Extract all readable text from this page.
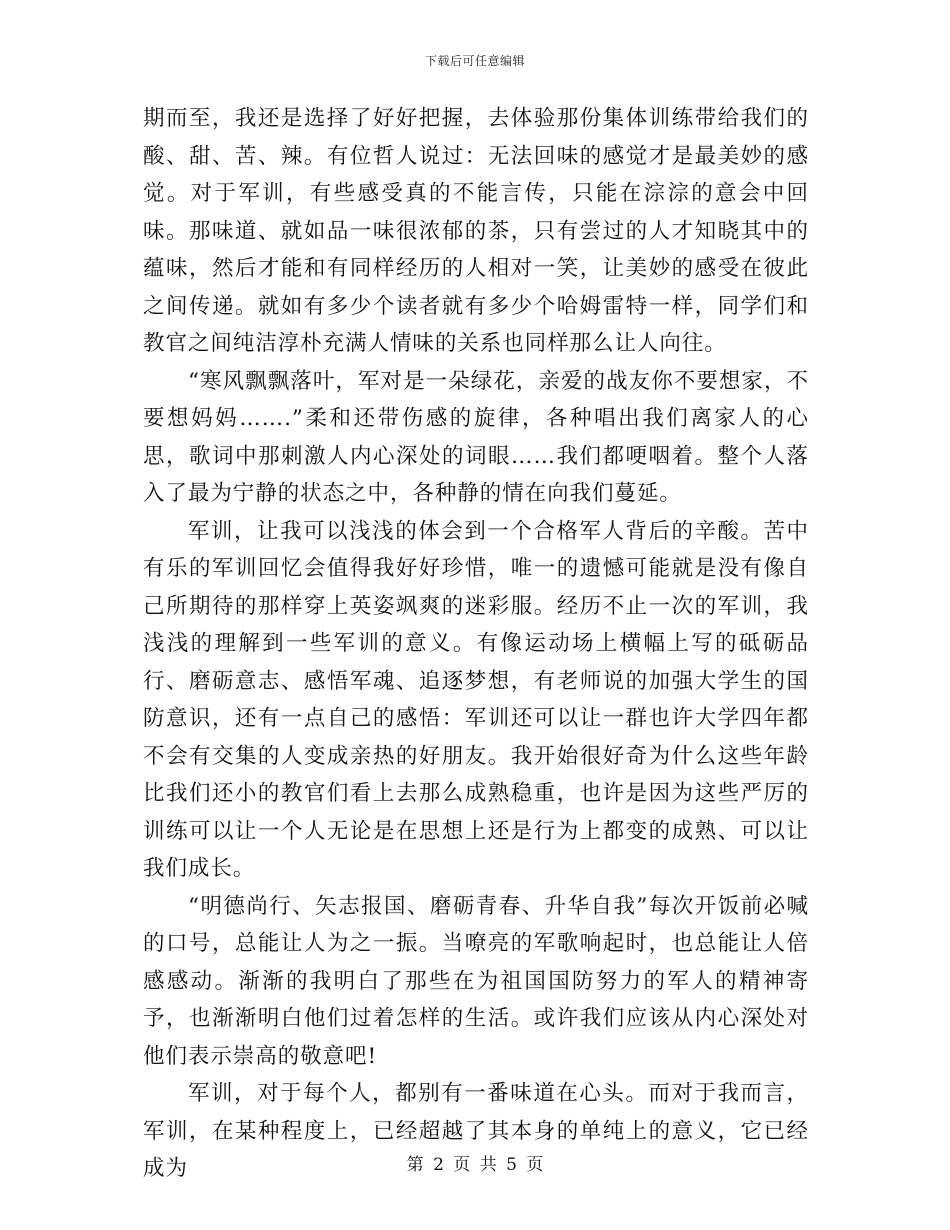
下载后可任意编辑

期而至，我还是选择了好好把握，去体验那份集体训练带给我们的酸、甜、苦、辣。有位哲人说过：无法回味的感觉才是最美妙的感觉。对于军训，有些感受真的不能言传，只能在淙淙的意会中回味。那味道、就如品一味很浓郁的茶，只有尝过的人才知晓其中的蕴味，然后才能和有同样经历的人相对一笑，让美妙的感受在彼此之间传递。就如有多少个读者就有多少个哈姆雷特一样，同学们和教官之间纯洁淳朴充满人情味的关系也同样那么让人向往。

“寒风飘飘落叶，军对是一朵绿花，亲爱的战友你不要想家，不要想妈妈…….”柔和还带伤感的旋律，各种唱出我们离家人的心思，歌词中那刺激人内心深处的词眼……我们都哽咽着。整个人落入了最为宁静的状态之中，各种静的情在向我们蔓延。

军训，让我可以浅浅的体会到一个合格军人背后的辛酸。苦中有乐的军训回忆会值得我好好珍惜，唯一的遗憾可能就是没有像自己所期待的那样穿上英姿飒爽的迷彩服。经历不止一次的军训，我浅浅的理解到一些军训的意义。有像运动场上横幅上写的砥砺品行、磨砺意志、感悟军魂、追逐梦想，有老师说的加强大学生的国防意识，还有一点自己的感悟：军训还可以让一群也许大学四年都不会有交集的人变成亲热的好朋友。我开始很好奇为什么这些年龄比我们还小的教官们看上去那么成熟稳重，也许是因为这些严厉的训练可以让一个人无论是在思想上还是行为上都变的成熟、可以让我们成长。

“明德尚行、矢志报国、磨砺青春、升华自我”每次开饭前必喊的口号，总能让人为之一振。当嘹亮的军歌响起时，也总能让人倍感感动。渐渐的我明白了那些在为祖国国防努力的军人的精神寄予，也渐渐明白他们过着怎样的生活。或许我们应该从内心深处对他们表示崇高的敬意吧!

军训，对于每个人，都别有一番味道在心头。而对于我而言，军训，在某种程度上，已经超越了其本身的单纯上的意义，它已经成为	第 2 页 共 5 页
